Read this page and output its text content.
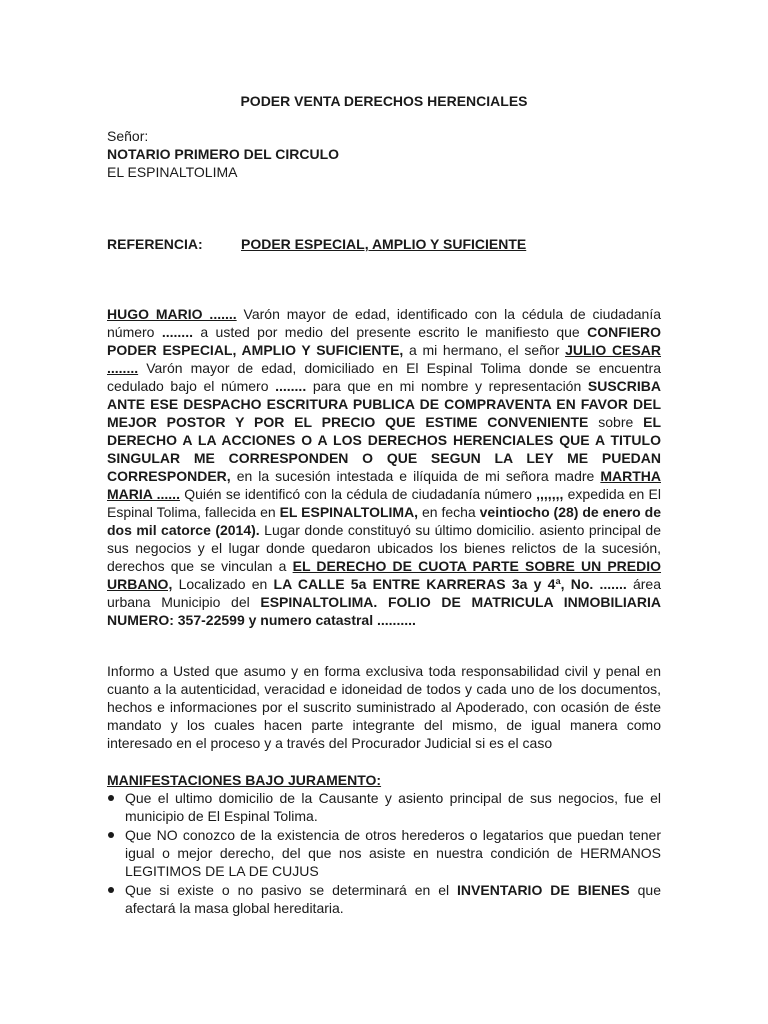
PODER VENTA DERECHOS HERENCIALES
Señor:
NOTARIO PRIMERO DEL CIRCULO
EL ESPINALTOLIMA
REFERENCIA:	PODER ESPECIAL, AMPLIO Y SUFICIENTE
HUGO MARIO ....... Varón mayor de edad, identificado con la cédula de ciudadanía número ........ a usted por medio del presente escrito le manifiesto que CONFIERO PODER ESPECIAL, AMPLIO Y SUFICIENTE, a mi hermano, el señor JULIO CESAR ........ Varón mayor de edad, domiciliado en El Espinal Tolima donde se encuentra cedulado bajo el número ........ para que en mi nombre y representación SUSCRIBA ANTE ESE DESPACHO ESCRITURA PUBLICA DE COMPRAVENTA EN FAVOR DEL MEJOR POSTOR Y POR EL PRECIO QUE ESTIME CONVENIENTE sobre EL DERECHO A LA ACCIONES O A LOS DERECHOS HERENCIALES QUE A TITULO SINGULAR ME CORRESPONDEN O QUE SEGUN LA LEY ME PUEDAN CORRESPONDER, en la sucesión intestada e ilíquida de mi señora madre MARTHA MARIA ...... Quién se identificó con la cédula de ciudadanía número ,,,,,,, expedida en El Espinal Tolima, fallecida en EL ESPINALTOLIMA, en fecha veintiocho (28) de enero de dos mil catorce (2014). Lugar donde constituyó su último domicilio. asiento principal de sus negocios y el lugar donde quedaron ubicados los bienes relictos de la sucesión, derechos que se vinculan a EL DERECHO DE CUOTA PARTE SOBRE UN PREDIO URBANO, Localizado en LA CALLE 5a ENTRE KARRERAS 3a y 4ª, No. ....... área urbana Municipio del ESPINALTOLIMA. FOLIO DE MATRICULA INMOBILIARIA NUMERO: 357-22599 y numero catastral ..........
Informo a Usted que asumo y en forma exclusiva toda responsabilidad civil y penal en cuanto a la autenticidad, veracidad e idoneidad de todos y cada uno de los documentos, hechos e informaciones por el suscrito suministrado al Apoderado, con ocasión de éste mandato y los cuales hacen parte integrante del mismo, de igual manera como interesado en el proceso y a través del Procurador Judicial si es el caso
MANIFESTACIONES BAJO JURAMENTO:
Que el ultimo domicilio de la Causante y asiento principal de sus negocios, fue el municipio de El Espinal Tolima.
Que NO conozco de la existencia de otros herederos o legatarios que puedan tener igual o mejor derecho, del que nos asiste en nuestra condición de HERMANOS LEGITIMOS DE LA DE CUJUS
Que si existe o no pasivo se determinará en el INVENTARIO DE BIENES que afectará la masa global hereditaria.
